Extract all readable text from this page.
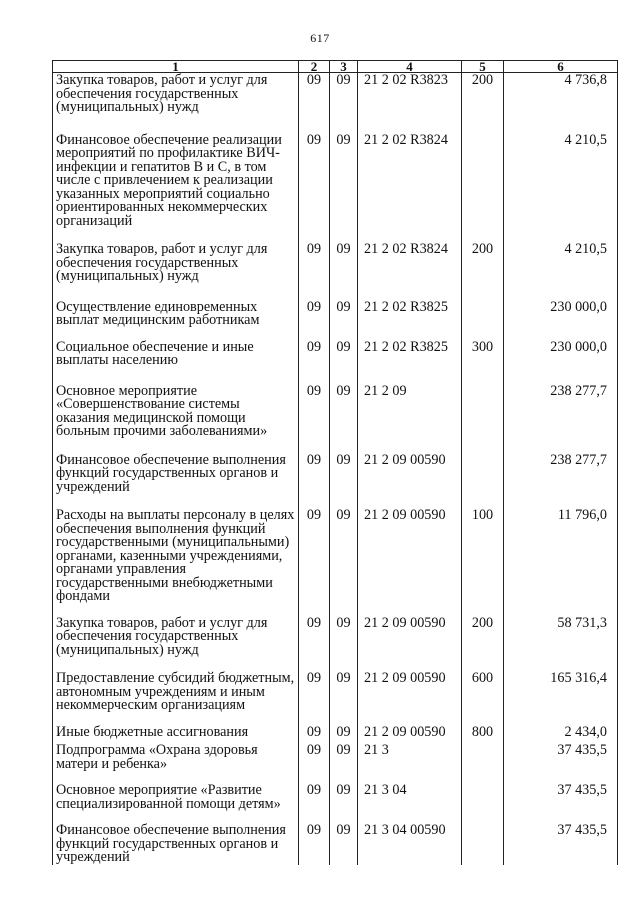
617
1	2	3	4	5	6
Закупка товаров, работ и услуг для обеспечения государственных (муниципальных) нужд	09	09	21 2 02 R3823	200	4 736,8
Финансовое обеспечение реализации мероприятий по профилактике ВИЧ-инфекции и гепатитов В и С, в том числе с привлечением к реализации указанных мероприятий социально ориентированных некоммерческих организаций	09	09	21 2 02 R3824		4 210,5
Закупка товаров, работ и услуг для обеспечения государственных (муниципальных) нужд	09	09	21 2 02 R3824	200	4 210,5
Осуществление единовременных выплат медицинским работникам	09	09	21 2 02 R3825		230 000,0
Социальное обеспечение и иные выплаты населению	09	09	21 2 02 R3825	300	230 000,0
Основное мероприятие «Совершенствование системы оказания медицинской помощи больным прочими заболеваниями»	09	09	21 2 09		238 277,7
Финансовое обеспечение выполнения функций государственных органов и учреждений	09	09	21 2 09 00590		238 277,7
Расходы на выплаты персоналу в целях обеспечения выполнения функций государственными (муниципальными) органами, казенными учреждениями, органами управления государственными внебюджетными фондами	09	09	21 2 09 00590	100	11 796,0
Закупка товаров, работ и услуг для обеспечения государственных (муниципальных) нужд	09	09	21 2 09 00590	200	58 731,3
Предоставление субсидий бюджетным, автономным учреждениям и иным некоммерческим организациям	09	09	21 2 09 00590	600	165 316,4
Иные бюджетные ассигнования	09	09	21 2 09 00590	800	2 434,0
Подпрограмма «Охрана здоровья матери и ребенка»	09	09	21 3		37 435,5
Основное мероприятие «Развитие специализированной помощи детям»	09	09	21 3 04		37 435,5
Финансовое обеспечение выполнения функций государственных органов и учреждений	09	09	21 3 04 00590		37 435,5
